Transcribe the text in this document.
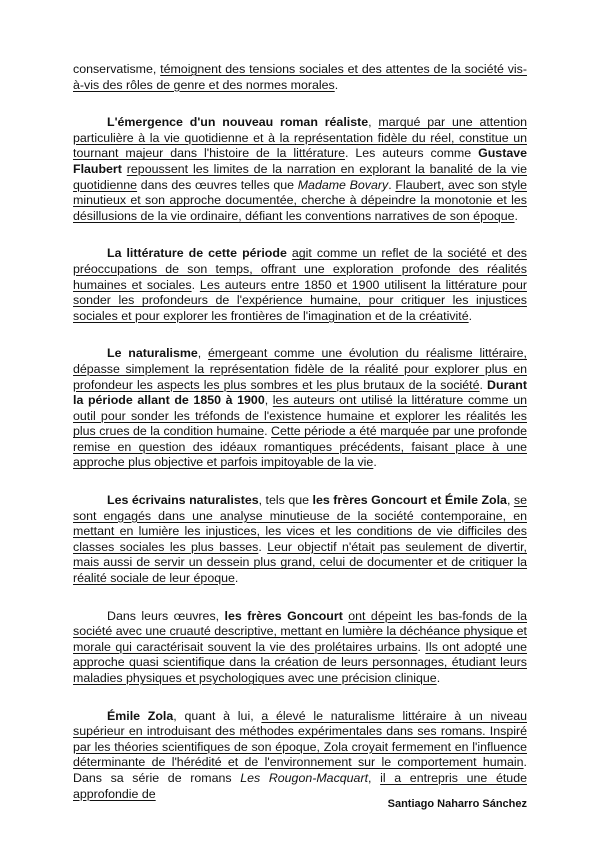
conservatisme, témoignent des tensions sociales et des attentes de la société vis-à-vis des rôles de genre et des normes morales.

L'émergence d'un nouveau roman réaliste, marqué par une attention particulière à la vie quotidienne et à la représentation fidèle du réel, constitue un tournant majeur dans l'histoire de la littérature. Les auteurs comme Gustave Flaubert repoussent les limites de la narration en explorant la banalité de la vie quotidienne dans des œuvres telles que Madame Bovary. Flaubert, avec son style minutieux et son approche documentée, cherche à dépeindre la monotonie et les désillusions de la vie ordinaire, défiant les conventions narratives de son époque.

La littérature de cette période agit comme un reflet de la société et des préoccupations de son temps, offrant une exploration profonde des réalités humaines et sociales. Les auteurs entre 1850 et 1900 utilisent la littérature pour sonder les profondeurs de l'expérience humaine, pour critiquer les injustices sociales et pour explorer les frontières de l'imagination et de la créativité.

Le naturalisme, émergeant comme une évolution du réalisme littéraire, dépasse simplement la représentation fidèle de la réalité pour explorer plus en profondeur les aspects les plus sombres et les plus brutaux de la société. Durant la période allant de 1850 à 1900, les auteurs ont utilisé la littérature comme un outil pour sonder les tréfonds de l'existence humaine et explorer les réalités les plus crues de la condition humaine. Cette période a été marquée par une profonde remise en question des idéaux romantiques précédents, faisant place à une approche plus objective et parfois impitoyable de la vie.

Les écrivains naturalistes, tels que les frères Goncourt et Émile Zola, se sont engagés dans une analyse minutieuse de la société contemporaine, en mettant en lumière les injustices, les vices et les conditions de vie difficiles des classes sociales les plus basses. Leur objectif n'était pas seulement de divertir, mais aussi de servir un dessein plus grand, celui de documenter et de critiquer la réalité sociale de leur époque.

Dans leurs œuvres, les frères Goncourt ont dépeint les bas-fonds de la société avec une cruauté descriptive, mettant en lumière la déchéance physique et morale qui caractérisait souvent la vie des prolétaires urbains. Ils ont adopté une approche quasi scientifique dans la création de leurs personnages, étudiant leurs maladies physiques et psychologiques avec une précision clinique.

Émile Zola, quant à lui, a élevé le naturalisme littéraire à un niveau supérieur en introduisant des méthodes expérimentales dans ses romans. Inspiré par les théories scientifiques de son époque, Zola croyait fermement en l'influence déterminante de l'hérédité et de l'environnement sur le comportement humain. Dans sa série de romans Les Rougon-Macquart, il a entrepris une étude approfondie de

Santiago Naharro Sánchez
